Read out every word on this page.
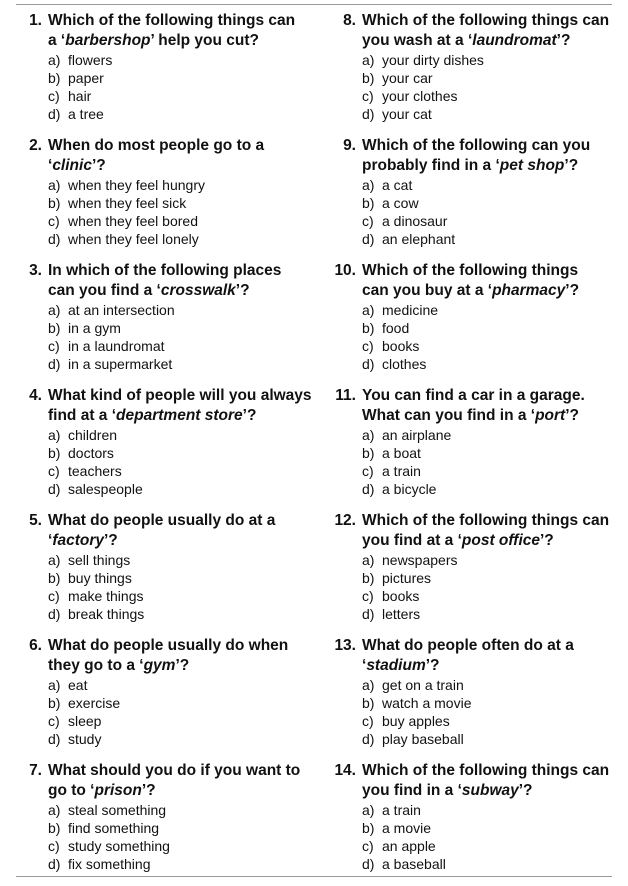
1. Which of the following things can
a ‘barbershop’ help you cut?
a) flowers
b) paper
c) hair
d) a tree
2. When do most people go to a
‘clinic’?
a) when they feel hungry
b) when they feel sick
c) when they feel bored
d) when they feel lonely
3. In which of the following places
can you find a ‘crosswalk’?
a) at an intersection
b) in a gym
c) in a laundromat
d) in a supermarket
4. What kind of people will you always
find at a ‘department store’?
a) children
b) doctors
c) teachers
d) salespeople
5. What do people usually do at a
‘factory’?
a) sell things
b) buy things
c) make things
d) break things
6. What do people usually do when
they go to a ‘gym’?
a) eat
b) exercise
c) sleep
d) study
7. What should you do if you want to
go to ‘prison’?
a) steal something
b) find something
c) study something
d) fix something
8. Which of the following things can
you wash at a ‘laundromat’?
a) your dirty dishes
b) your car
c) your clothes
d) your cat
9. Which of the following can you
probably find in a ‘pet shop’?
a) a cat
b) a cow
c) a dinosaur
d) an elephant
10. Which of the following things
can you buy at a ‘pharmacy’?
a) medicine
b) food
c) books
d) clothes
11. You can find a car in a garage.
What can you find in a ‘port’?
a) an airplane
b) a boat
c) a train
d) a bicycle
12. Which of the following things can
you find at a ‘post office’?
a) newspapers
b) pictures
c) books
d) letters
13. What do people often do at a
‘stadium’?
a) get on a train
b) watch a movie
c) buy apples
d) play baseball
14. Which of the following things can
you find in a ‘subway’?
a) a train
b) a movie
c) an apple
d) a baseball
